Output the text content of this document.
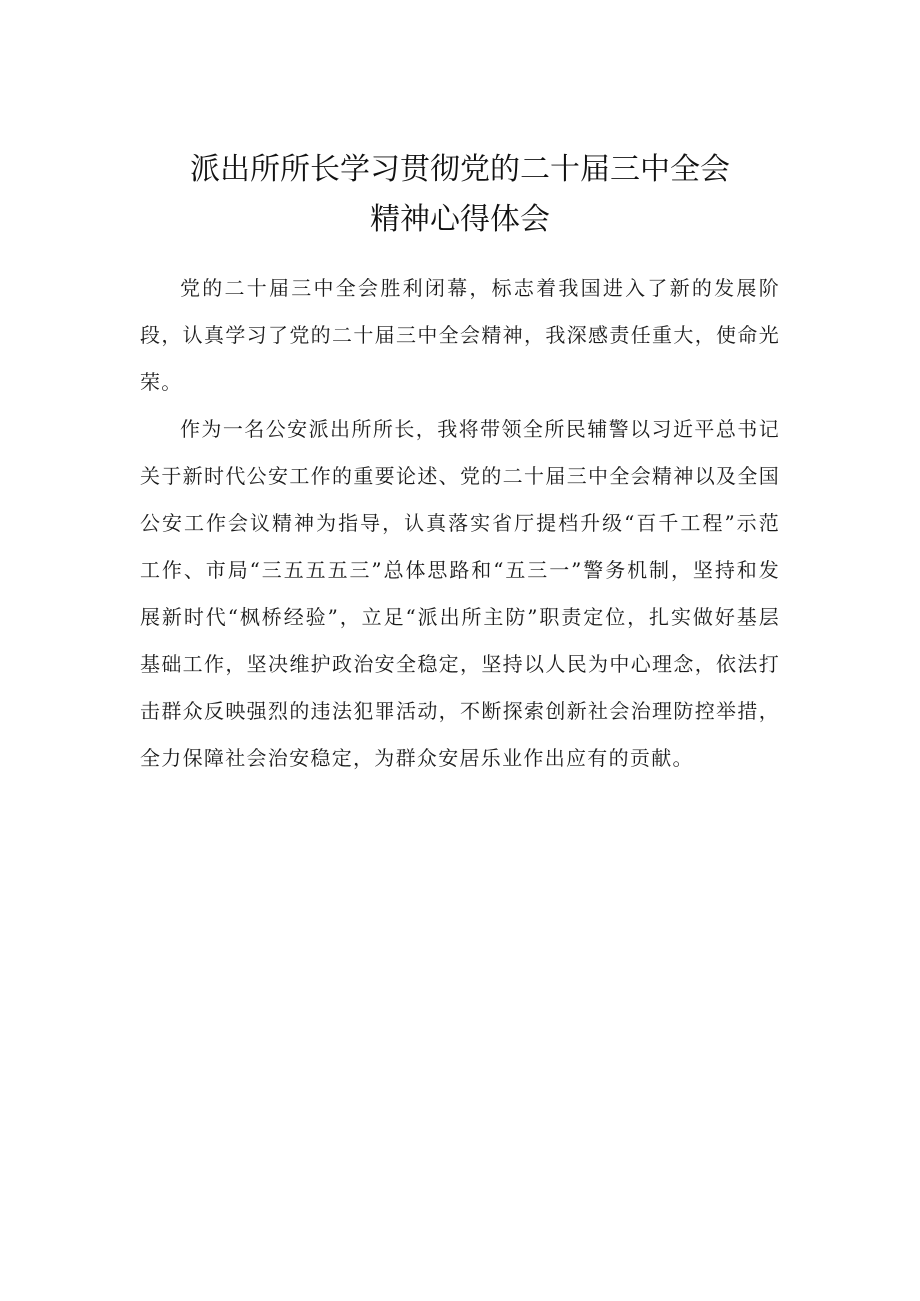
派出所所长学习贯彻党的二十届三中全会
精神心得体会

党的二十届三中全会胜利闭幕，标志着我国进入了新的发展阶段，认真学习了党的二十届三中全会精神，我深感责任重大，使命光荣。

作为一名公安派出所所长，我将带领全所民辅警以习近平总书记关于新时代公安工作的重要论述、党的二十届三中全会精神以及全国公安工作会议精神为指导，认真落实省厅提档升级“百千工程”示范工作、市局“三五五五三”总体思路和“五三一”警务机制，坚持和发展新时代“枫桥经验”，立足“派出所主防”职责定位，扎实做好基层基础工作，坚决维护政治安全稳定，坚持以人民为中心理念，依法打击群众反映强烈的违法犯罪活动，不断探索创新社会治理防控举措，全力保障社会治安稳定，为群众安居乐业作出应有的贡献。
